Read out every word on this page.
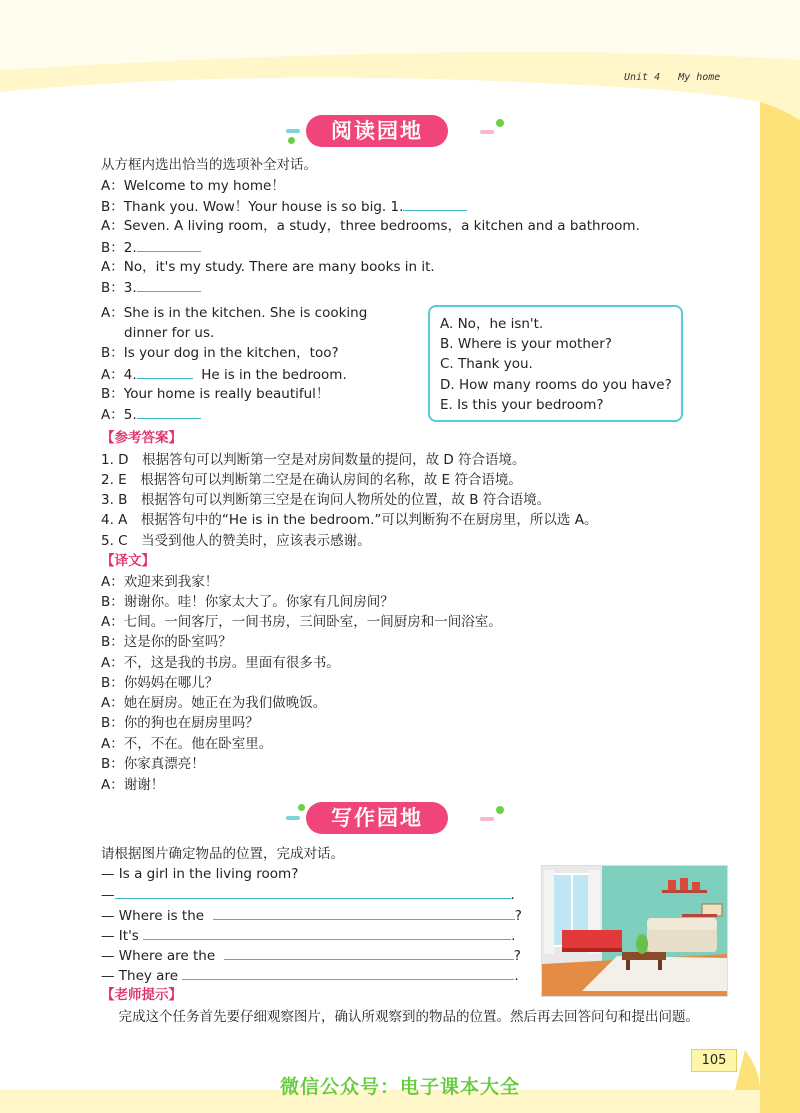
Unit 4 My home
阅读园地
从方框内选出恰当的选项补全对话。
A：Welcome to my home！
B：Thank you. Wow！Your house is so big. 1.
A：Seven. A living room，a study，three bedrooms，a kitchen and a bathroom.
B：2.
A：No，it's my study. There are many books in it.
B：3.
A：She is in the kitchen. She is cooking
dinner for us.
B：Is your dog in the kitchen，too?
A：4.	He is in the bedroom.
B：Your home is really beautiful！
A：5.
A. No，he isn't.
B. Where is your mother?
C. Thank you.
D. How many rooms do you have?
E. Is this your bedroom?
【参考答案】
1. D　根据答句可以判断第一空是对房间数量的提问，故 D 符合语境。
2. E　根据答句可以判断第二空是在确认房间的名称，故 E 符合语境。
3. B　根据答句可以判断第三空是在询问人物所处的位置，故 B 符合语境。
4. A　根据答句中的“He is in the bedroom.”可以判断狗不在厨房里，所以选 A。
5. C　当受到他人的赞美时，应该表示感谢。
【译文】
A：欢迎来到我家！
B：谢谢你。哇！你家太大了。你家有几间房间？
A：七间。一间客厅，一间书房，三间卧室，一间厨房和一间浴室。
B：这是你的卧室吗？
A：不，这是我的书房。里面有很多书。
B：你妈妈在哪儿？
A：她在厨房。她正在为我们做晚饭。
B：你的狗也在厨房里吗？
A：不，不在。他在卧室里。
B：你家真漂亮！
A：谢谢！
写作园地
请根据图片确定物品的位置，完成对话。
— Is a girl in the living room?
—	.
— Where is the	?
— It's	.
— Where are the	?
— They are	.
【老师提示】
完成这个任务首先要仔细观察图片，确认所观察到的物品的位置。然后再去回答问句和提出问题。
105
微信公众号：电子课本大全
